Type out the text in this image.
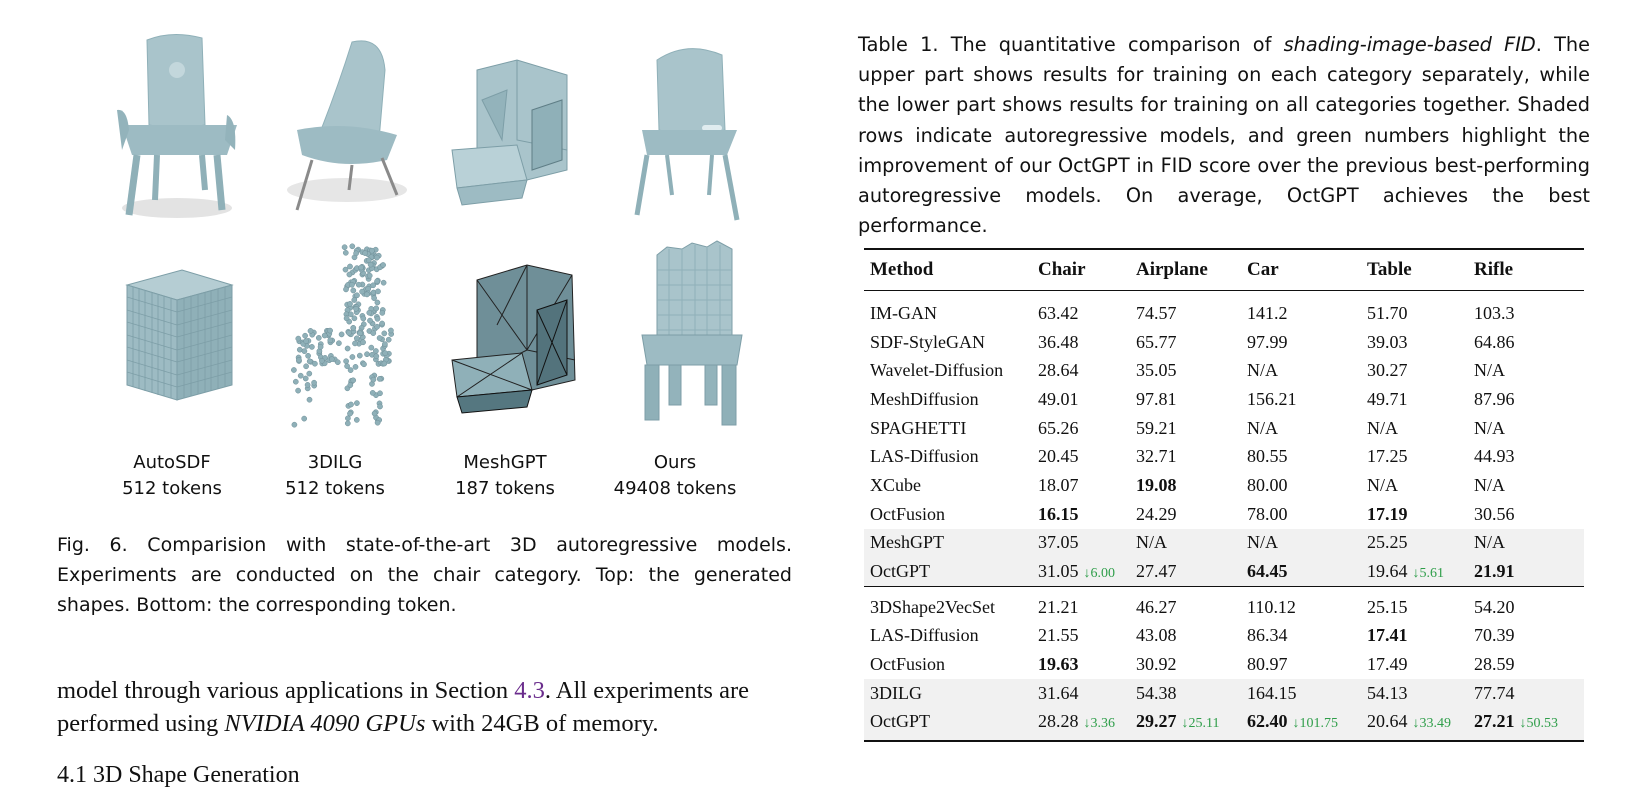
AutoSDF
512 tokens
3DILG
512 tokens
MeshGPT
187 tokens
Ours
49408 tokens
Fig. 6. Comparision with state-of-the-art 3D autoregressive models. Experiments are conducted on the chair category. Top: the generated shapes. Bottom: the corresponding token.
model through various applications in Section 4.3. All experiments are performed using NVIDIA 4090 GPUs with 24GB of memory.
4.1 3D Shape Generation
Table 1. The quantitative comparison of shading-image-based FID. The upper part shows results for training on each category separately, while the lower part shows results for training on all categories together. Shaded rows indicate autoregressive models, and green numbers highlight the improvement of our OctGPT in FID score over the previous best-performing autoregressive models. On average, OctGPT achieves the best performance.
Method	Chair	Airplane	Car	Table	Rifle
IM-GAN	63.42	74.57	141.2	51.70	103.3
SDF-StyleGAN	36.48	65.77	97.99	39.03	64.86
Wavelet-Diffusion	28.64	35.05	N/A	30.27	N/A
MeshDiffusion	49.01	97.81	156.21	49.71	87.96
SPAGHETTI	65.26	59.21	N/A	N/A	N/A
LAS-Diffusion	20.45	32.71	80.55	17.25	44.93
XCube	18.07	19.08	80.00	N/A	N/A
OctFusion	16.15	24.29	78.00	17.19	30.56
MeshGPT	37.05	N/A	N/A	25.25	N/A
OctGPT	31.05 ↓6.00	27.47	64.45	19.64 ↓5.61	21.91
3DShape2VecSet	21.21	46.27	110.12	25.15	54.20
LAS-Diffusion	21.55	43.08	86.34	17.41	70.39
OctFusion	19.63	30.92	80.97	17.49	28.59
3DILG	31.64	54.38	164.15	54.13	77.74
OctGPT	28.28 ↓3.36	29.27 ↓25.11	62.40 ↓101.75	20.64 ↓33.49	27.21 ↓50.53
